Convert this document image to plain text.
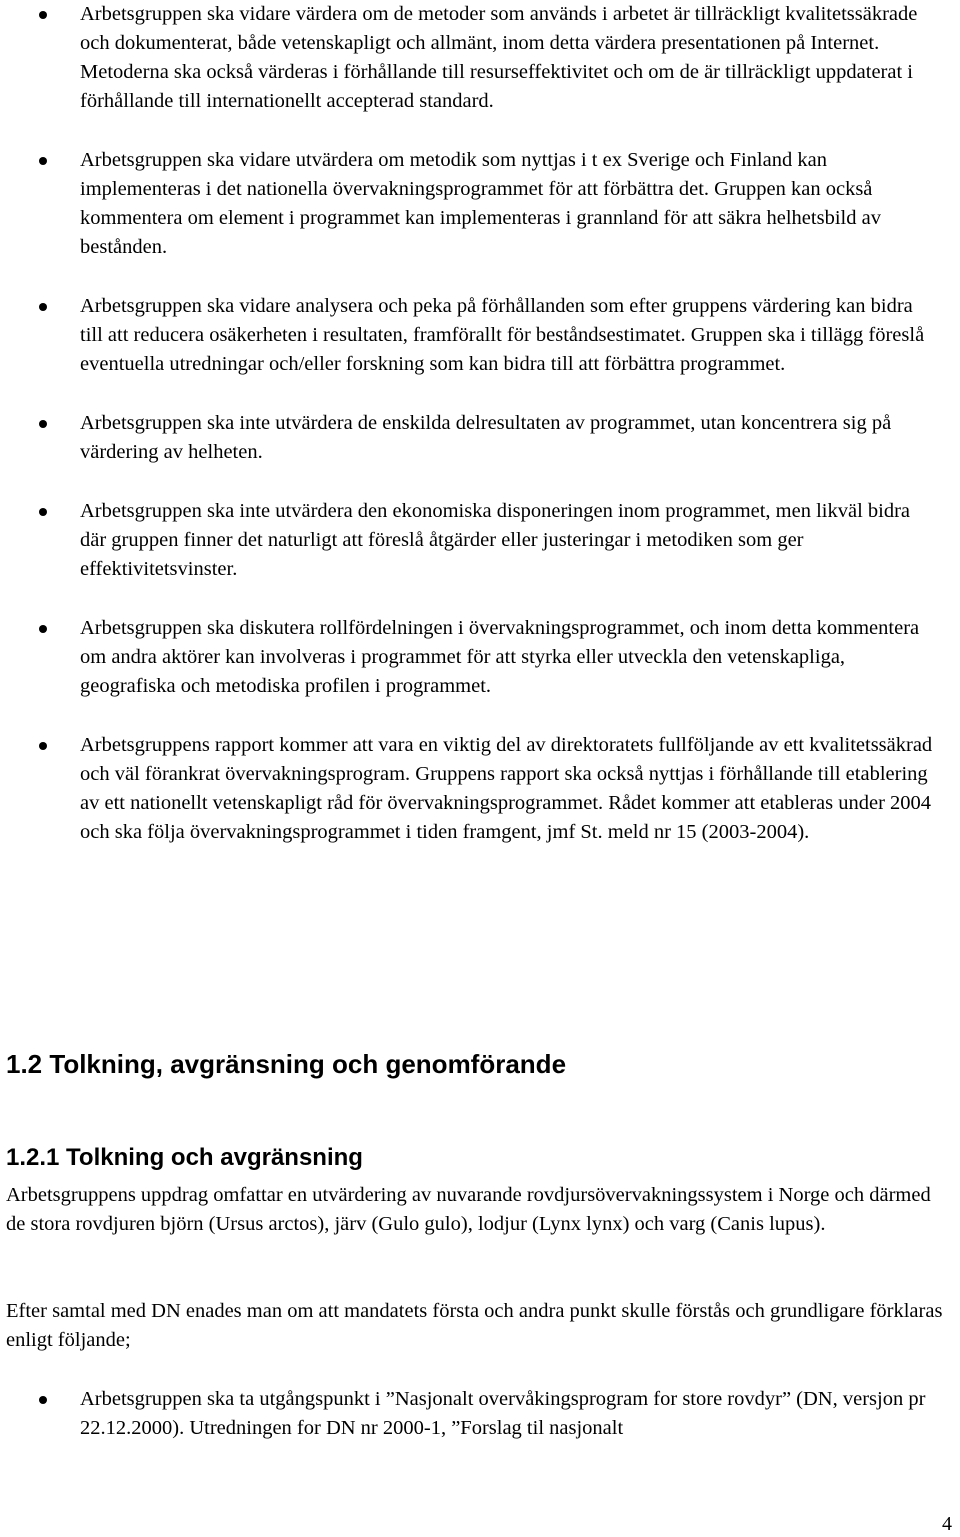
Arbetsgruppen ska vidare värdera om de metoder som används i arbetet är tillräckligt kvalitetssäkrade och dokumenterat, både vetenskapligt och allmänt, inom detta värdera presentationen på Internet. Metoderna ska också värderas i förhållande till resurseffektivitet och om de är tillräckligt uppdaterat i förhållande till internationellt accepterad standard.
Arbetsgruppen ska vidare utvärdera om metodik som nyttjas i t ex Sverige och Finland kan implementeras i det nationella övervakningsprogrammet för att förbättra det. Gruppen kan också kommentera om element i programmet kan implementeras i grannland för att säkra helhetsbild av bestånden.
Arbetsgruppen ska vidare analysera och peka på förhållanden som efter gruppens värdering kan bidra till att reducera osäkerheten i resultaten, framförallt för beståndsestimatet. Gruppen ska i tillägg föreslå eventuella utredningar och/eller forskning som kan bidra till att förbättra programmet.
Arbetsgruppen ska inte utvärdera de enskilda delresultaten av programmet, utan koncentrera sig på värdering av helheten.
Arbetsgruppen ska inte utvärdera den ekonomiska disponeringen inom programmet, men likväl bidra där gruppen finner det naturligt att föreslå åtgärder eller justeringar i metodiken som ger effektivitetsvinster.
Arbetsgruppen ska diskutera rollfördelningen i övervakningsprogrammet, och inom detta kommentera om andra aktörer kan involveras i programmet för att styrka eller utveckla den vetenskapliga, geografiska och metodiska profilen i programmet.
Arbetsgruppens rapport kommer att vara en viktig del av direktoratets fullföljande av ett kvalitetssäkrad och väl förankrat övervakningsprogram. Gruppens rapport ska också nyttjas i förhållande till etablering av ett nationellt vetenskapligt råd för övervakningsprogrammet. Rådet kommer att etableras under 2004 och ska följa övervakningsprogrammet i tiden framgent, jmf St. meld nr 15 (2003-2004).
1.2 Tolkning, avgränsning och genomförande
1.2.1 Tolkning och avgränsning

Arbetsgruppens uppdrag omfattar en utvärdering av nuvarande rovdjursövervakningssystem i Norge och därmed de stora rovdjuren björn (Ursus arctos), järv (Gulo gulo), lodjur (Lynx lynx) och varg (Canis lupus).

Efter samtal med DN enades man om att mandatets första och andra punkt skulle förstås och grundligare förklaras enligt följande;

Arbetsgruppen ska ta utgångspunkt i ”Nasjonalt overvåkingsprogram for store rovdyr” (DN, versjon pr 22.12.2000). Utredningen for DN nr 2000-1, ”Forslag til nasjonalt
4
